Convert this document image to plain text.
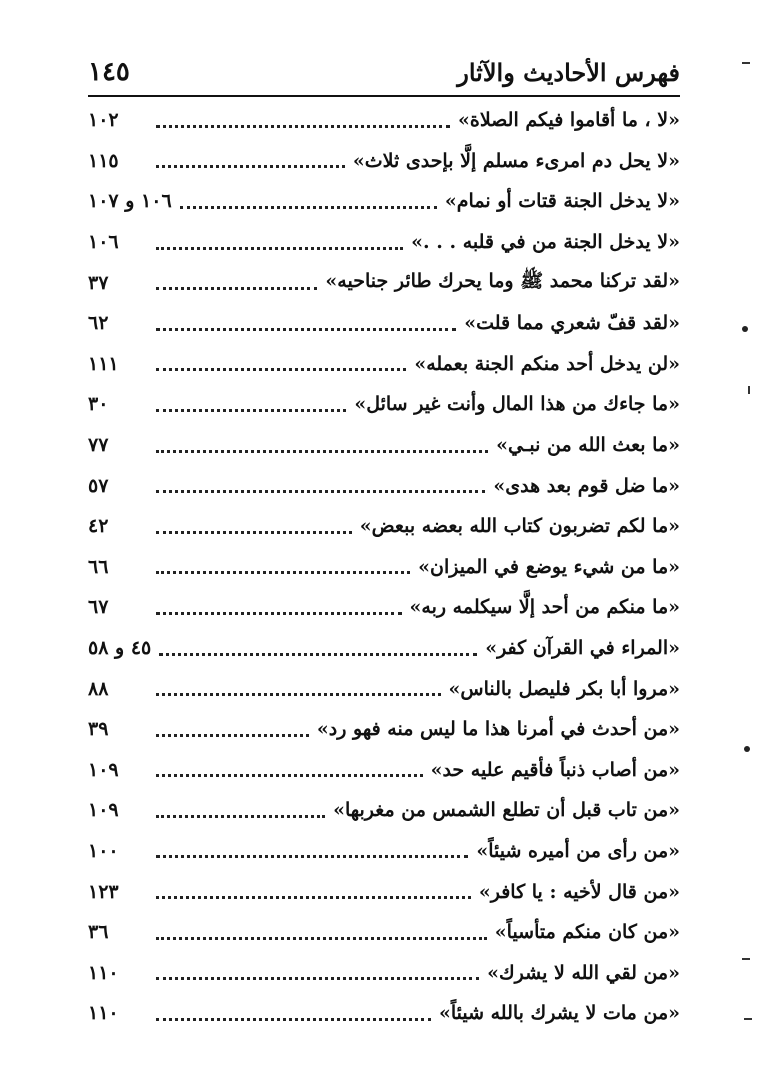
فهرس الأحاديث والآثار
١٤٥
«لا ، ما أقاموا فيكم الصلاة»
١٠٢
«لا يحل دم امرىء مسلم إلَّا بإحدى ثلاث»
١١٥
«لا يدخل الجنة قتات أو نمام»
١٠٦ و ١٠٧
«لا يدخل الجنة من في قلبه . . .»
١٠٦
«لقد تركنا محمد ﷺ وما يحرك طائر جناحيه»
٣٧
«لقد قفّ شعري مما قلت»
٦٢
«لن يدخل أحد منكم الجنة بعمله»
١١١
«ما جاءك من هذا المال وأنت غير سائل»
٣٠
«ما بعث الله من نبـي»
٧٧
«ما ضل قوم بعد هدى»
٥٧
«ما لكم تضربون كتاب الله بعضه ببعض»
٤٢
«ما من شيء يوضع في الميزان»
٦٦
«ما منكم من أحد إلَّا سيكلمه ربه»
٦٧
«المراء في القرآن كفر»
٤٥ و ٥٨
«مروا أبا بكر فليصل بالناس»
٨٨
«من أحدث في أمرنا هذا ما ليس منه فهو رد»
٣٩
«من أصاب ذنباً فأقيم عليه حد»
١٠٩
«من تاب قبل أن تطلع الشمس من مغربها»
١٠٩
«من رأى من أميره شيئاً»
١٠٠
«من قال لأخيه : يا كافر»
١٢٣
«من كان منكم متأسياً»
٣٦
«من لقي الله لا يشرك»
١١٠
«من مات لا يشرك بالله شيئاً»
١١٠
